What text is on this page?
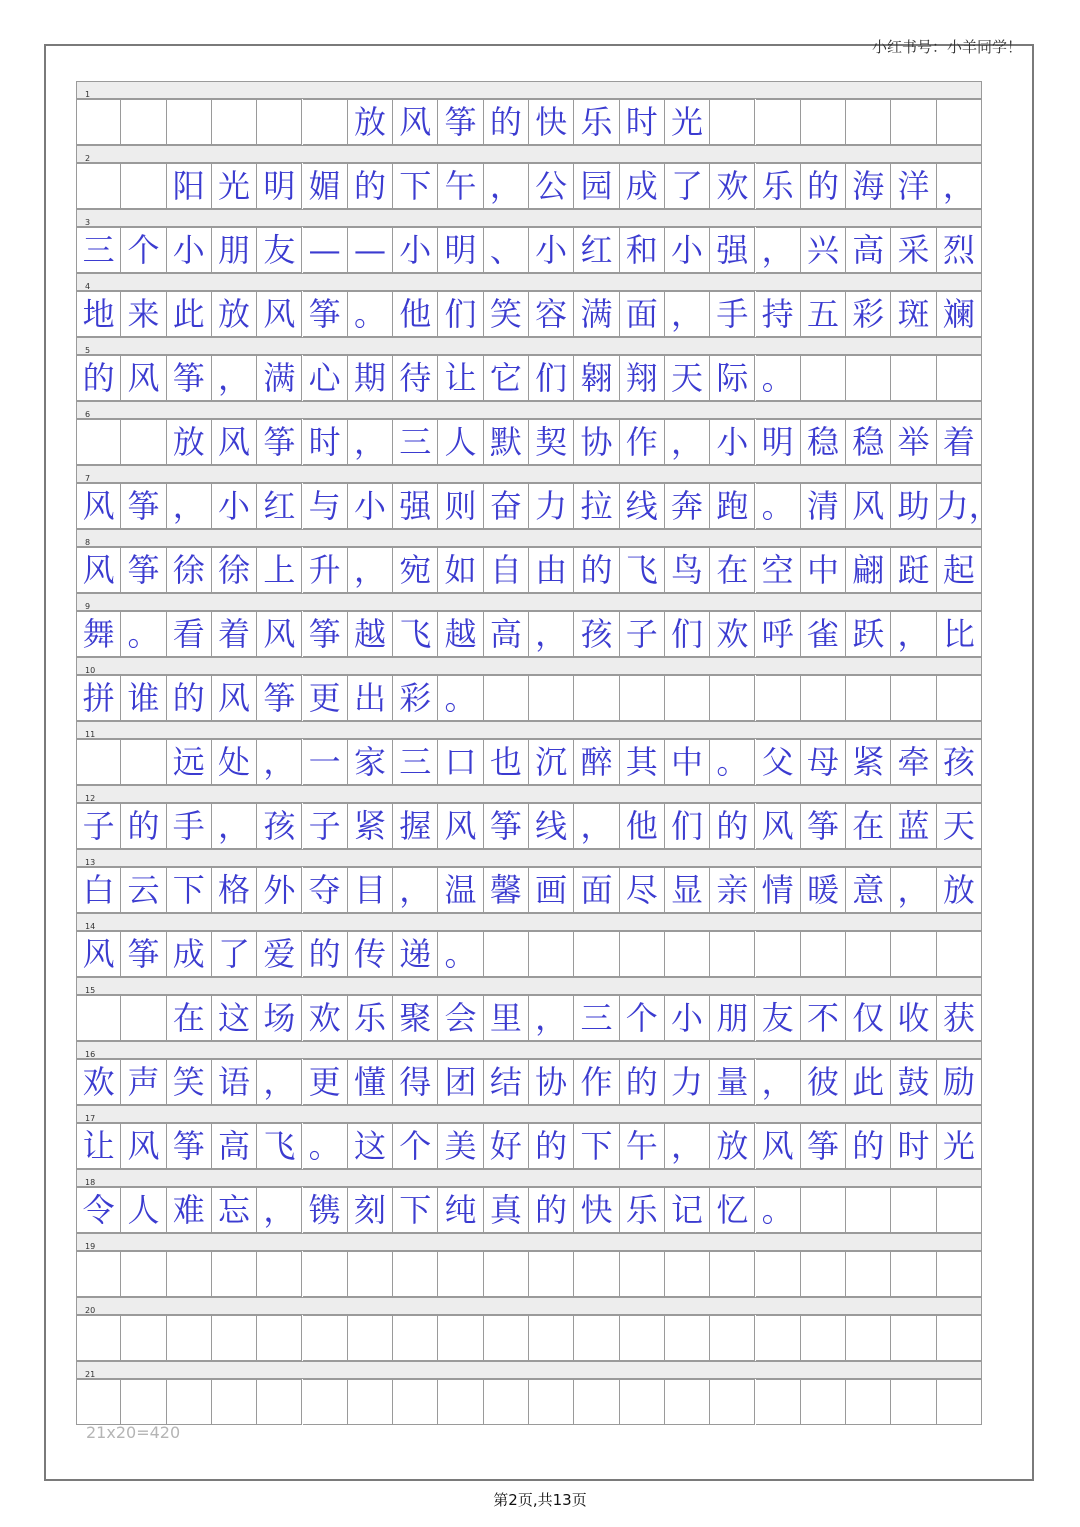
小红书号：小羊同学！
1
放 风 筝 的 快 乐 时 光
2
阳 光 明 媚 的 下 午 ， 公 园 成 了 欢 乐 的 海 洋 ，
3
三 个 小 朋 友 — — 小 明 、 小 红 和 小 强 ， 兴 高 采 烈
4
地 来 此 放 风 筝 。 他 们 笑 容 满 面 ， 手 持 五 彩 斑 斓
5
的 风 筝 ， 满 心 期 待 让 它 们 翱 翔 天 际 。
6
放 风 筝 时 ， 三 人 默 契 协 作 ， 小 明 稳 稳 举 着
7
风 筝 ， 小 红 与 小 强 则 奋 力 拉 线 奔 跑 。 清 风 助 力，
8
风 筝 徐 徐 上 升 ， 宛 如 自 由 的 飞 鸟 在 空 中 翩 跹 起
9
舞 。 看 着 风 筝 越 飞 越 高 ， 孩 子 们 欢 呼 雀 跃 ， 比
10
拼 谁 的 风 筝 更 出 彩 。
11
远 处 ， 一 家 三 口 也 沉 醉 其 中 。 父 母 紧 牵 孩
12
子 的 手 ， 孩 子 紧 握 风 筝 线 ， 他 们 的 风 筝 在 蓝 天
13
白 云 下 格 外 夺 目 ， 温 馨 画 面 尽 显 亲 情 暖 意 ， 放
14
风 筝 成 了 爱 的 传 递 。
15
在 这 场 欢 乐 聚 会 里 ， 三 个 小 朋 友 不 仅 收 获
16
欢 声 笑 语 ， 更 懂 得 团 结 协 作 的 力 量 ， 彼 此 鼓 励
17
让 风 筝 高 飞 。 这 个 美 好 的 下 午 ， 放 风 筝 的 时 光
18
令 人 难 忘 ， 镌 刻 下 纯 真 的 快 乐 记 忆 。
19
20
21
21x20=420
第2页,共13页
